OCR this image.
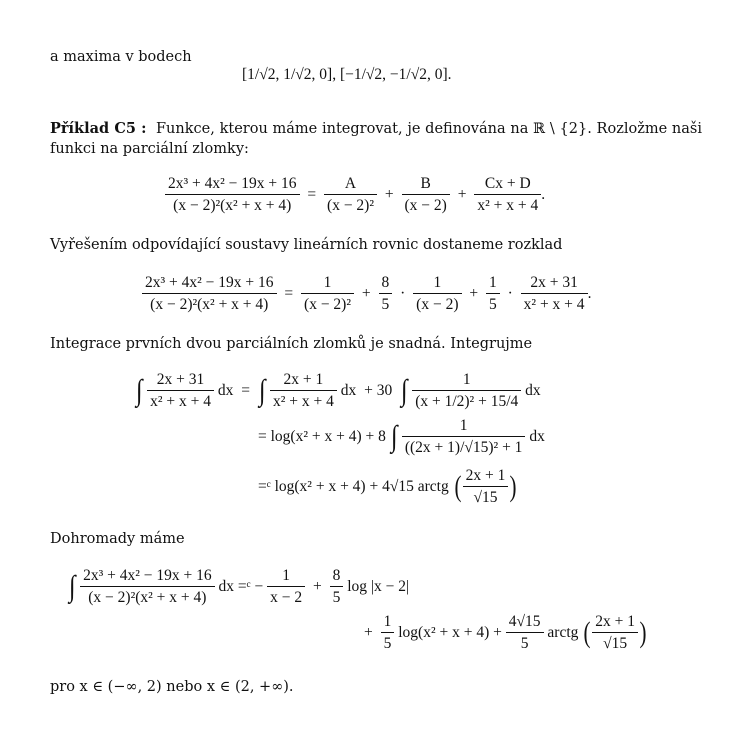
a maxima v bodech
[1/√2, 1/√2, 0], [−1/√2, −1/√2, 0].
Příklad C5 : Funkce, kterou máme integrovat, je definována na ℝ \ {2}. Rozložme naši funkci na parciální zlomky:
$\frac{\text{2x³ + 4x² − 19x + 16}}{\text{(x − 2)²(x² + x + 4)}} = \frac{A}{\text{(x − 2)²}} + \frac{B}{(x - 2)} + \frac{Cx + D}{\text{x² + x + 4}}$ .
Vyřešením odpovídající soustavy lineárních rovnic dostaneme rozklad
$\frac{\text{2x³ + 4x² − 19x + 16}}{\text{(x − 2)²(x² + x + 4)}} = \frac{1}{\text{(x − 2)²}} + \frac{8}{5} \cdot \frac{1}{(x - 2)} + \frac{1}{5} \cdot \frac{2x + 31}{\text{x² + x + 4}}$ .
Integrace prvních dvou parciálních zlomků je snadná. Integrujme
∫ $\frac{2x + 31}{\text{x² + x + 4}}$ dx = ∫ $\frac{2x + 1}{\text{x² + x + 4}}$ dx + 30 ∫ $\frac{1}{\text{(x + 1/2)² + 15/4}}$ dx
= log(x² + x + 4) + 8 ∫ $\frac{1}{\text{((2x + 1)/√15)² + 1}}$ dx
=ᶜ log(x² + x + 4) + 4√15 arctg ( $\frac{2x + 1}{√15}$ )
Dohromady máme
∫ $\frac{\text{2x³ + 4x² − 19x + 16}}{\text{(x − 2)²(x² + x + 4)}}$ dx =ᶜ − $\frac{1}{x - 2} + \frac{8}{5}$ log |x − 2|
+ $\frac{1}{5} \log(x^2 + x + 4) + \frac{4√15}{5}$ arctg ( $\frac{2x + 1}{√15}$ )
pro x ∈ (−∞, 2) nebo x ∈ (2, +∞).
